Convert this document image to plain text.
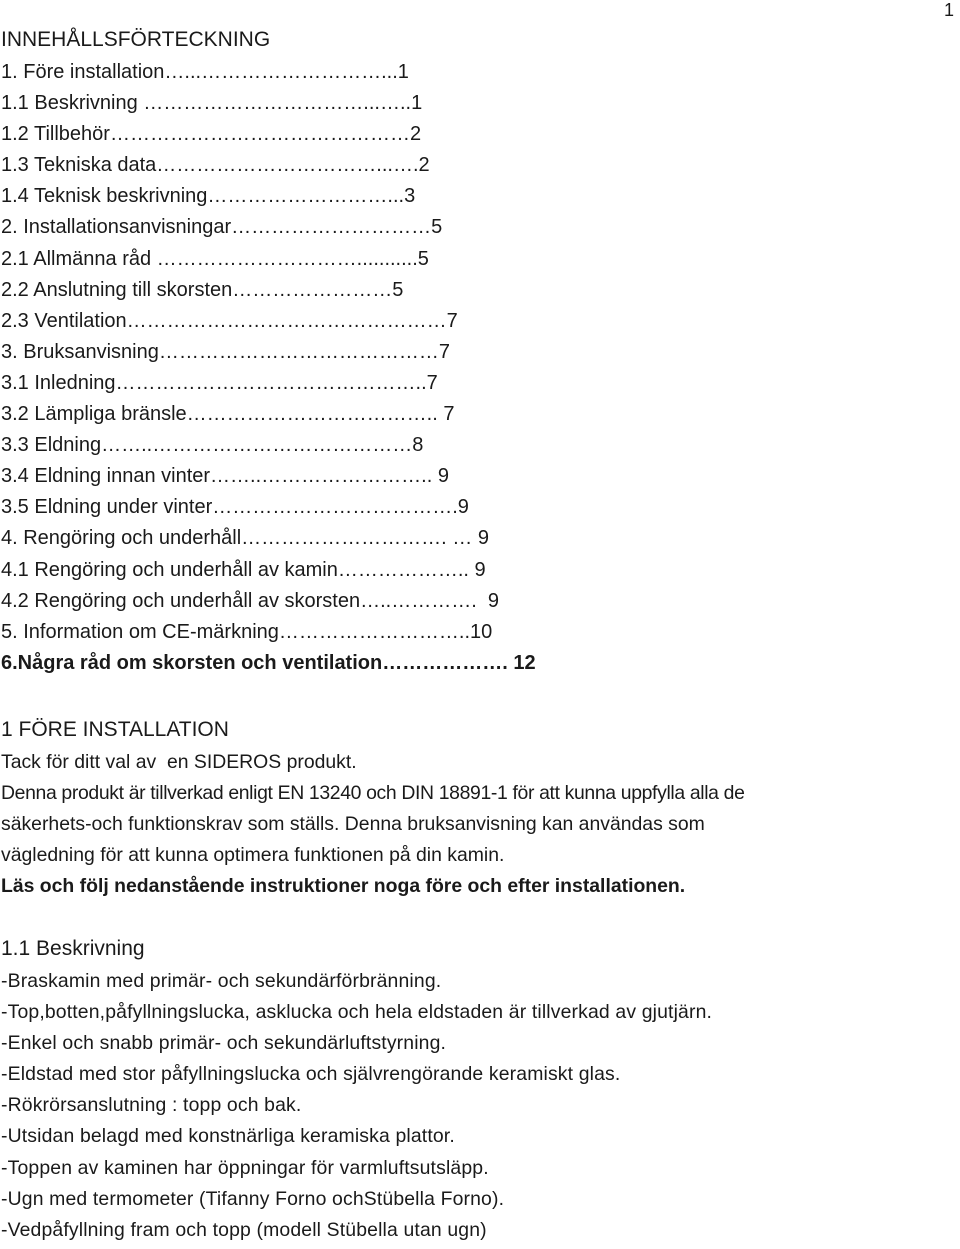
1
INNEHÅLLSFÖRTECKNING
1. Före installation…...………………………...1
1.1 Beskrivning ……………………………...…..1
1.2 Tillbehör………………………………………2
1.3 Tekniska data……………………………...….2
1.4 Teknisk beskrivning………………………...3
2. Installationsanvisningar…………………………5
2.1 Allmänna råd …………………………...........5
2.2 Anslutning till skorsten……………………5
2.3 Ventilation…………………………………………7
3. Bruksanvisning……………………………………7
3.1 Inledning………………………………………..7
3.2 Lämpliga bränsle……………………………….. 7
3.3 Eldning……..…………………………………8
3.4 Eldning innan vinter……..…………………….. 9
3.5 Eldning under vinter……………………………….9
4. Rengöring och underhåll…………………………. … 9
4.1 Rengöring och underhåll av kamin……………….. 9
4.2 Rengöring och underhåll av skorsten…..………….  9
5. Information om CE-märkning………………………..10
6.Några råd om skorsten och ventilation………………. 12
1 FÖRE INSTALLATION
Tack för ditt val av  en SIDEROS produkt.
Denna produkt är tillverkad enligt EN 13240 och DIN 18891-1 för att kunna uppfylla alla de
säkerhets-och funktionskrav som ställs. Denna bruksanvisning kan användas som
vägledning för att kunna optimera funktionen på din kamin.
Läs och följ nedanstående instruktioner noga före och efter installationen.
1.1 Beskrivning
-Braskamin med primär- och sekundärförbränning.
-Top,botten,påfyllningslucka, asklucka och hela eldstaden är tillverkad av gjutjärn.
-Enkel och snabb primär- och sekundärluftstyrning.
-Eldstad med stor påfyllningslucka och självrengörande keramiskt glas.
-Rökrörsanslutning : topp och bak.
-Utsidan belagd med konstnärliga keramiska plattor.
-Toppen av kaminen har öppningar för varmluftsutsläpp.
-Ugn med termometer (Tifanny Forno ochStübella Forno).
-Vedpåfyllning fram och topp (modell Stübella utan ugn)
